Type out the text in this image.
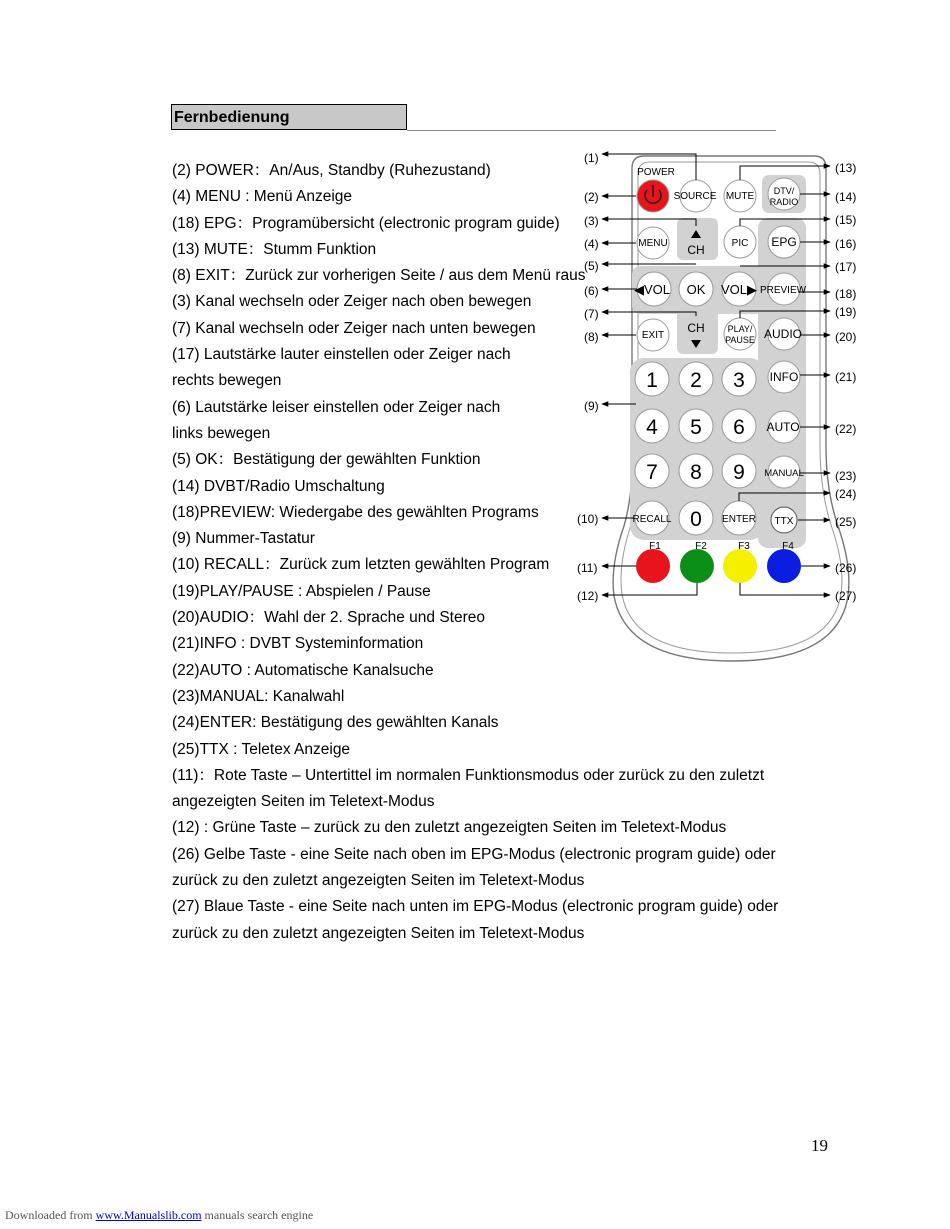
Fernbedienung
(2) POWER：An/Aus, Standby (Ruhezustand)
(4) MENU : Menü Anzeige
(18) EPG：Programübersicht (electronic program guide)
(13) MUTE：Stumm Funktion
(8) EXIT：Zurück zur vorherigen Seite / aus dem Menü raus
(3) Kanal wechseln oder Zeiger nach oben bewegen
(7) Kanal wechseln oder Zeiger nach unten bewegen
(17) Lautstärke lauter einstellen oder Zeiger nach rechts bewegen
(6) Lautstärke leiser einstellen oder Zeiger nach links bewegen
(5) OK：Bestätigung der gewählten Funktion
(14) DVBT/Radio Umschaltung
(18)PREVIEW: Wiedergabe des gewählten Programs
(9) Nummer-Tastatur
(10) RECALL：Zurück zum letzten gewählten Program
(19)PLAY/PAUSE : Abspielen / Pause
(20)AUDIO：Wahl der 2. Sprache und Stereo
(21)INFO : DVBT Systeminformation
(22)AUTO : Automatische Kanalsuche
(23)MANUAL: Kanalwahl
(24)ENTER: Bestätigung des gewählten Kanals
(25)TTX : Teletex Anzeige
(11)：Rote Taste – Untertittel im normalen Funktionsmodus oder zurück zu den zuletzt angezeigten Seiten im Teletext-Modus
(12) : Grüne Taste – zurück zu den zuletzt angezeigten Seiten im Teletext-Modus
(26) Gelbe Taste - eine Seite nach oben im EPG-Modus (electronic program guide) oder zurück zu den zuletzt angezeigten Seiten im Teletext-Modus
(27) Blaue Taste - eine Seite nach unten im EPG-Modus (electronic program guide) oder zurück zu den zuletzt angezeigten Seiten im Teletext-Modus
POWER
SOURCE MUTE DTV/
RADIO
MENU CH	PIC EPG
◀VOL OK VOL▶ PREVIEW
EXIT
CH	PLAY/
PAUSE AUDIO
1 2 3 INFO
4 5 6 AUTO
7 8 9 MANUAL
RECALL 0 ENTER TTX
F1	F2	F3	F4
(1)
(2)
(3)
(4)
(5)
(6)
(7)
(8)
(9)
(10)
(11)
(12)
(13)
(14)
(15)
(16)
(17)
(18)
(19)
(20)
(21)
(22)
(23)
(24)
(25)
(26)
(27)
19
Downloaded from www.Manualslib.com manuals search engine
